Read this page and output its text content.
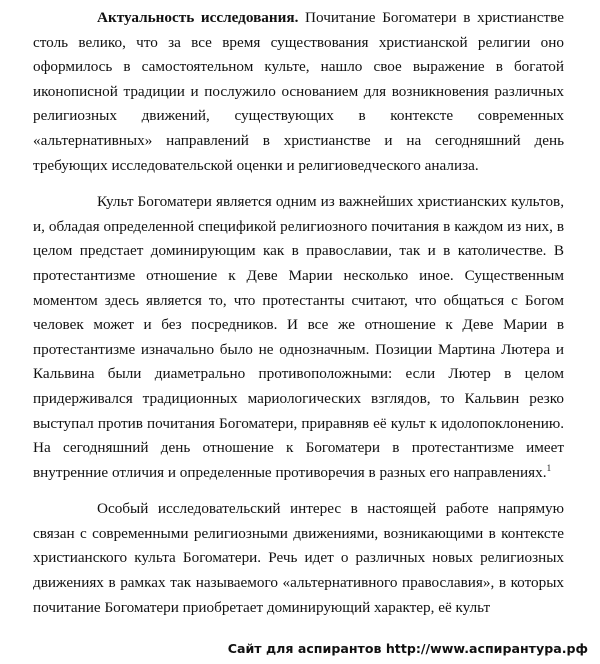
Актуальность исследования. Почитание Богоматери в христианстве столь велико, что за все время существования христианской религии оно оформилось в самостоятельном культе, нашло свое выражение в богатой иконописной традиции и послужило основанием для возникновения различных религиозных движений, существующих в контексте современных «альтернативных» направлений в христианстве и на сегодняшний день требующих исследовательской оценки и религиоведческого анализа.

Культ Богоматери является одним из важнейших христианских культов, и, обладая определенной спецификой религиозного почитания в каждом из них, в целом предстает доминирующим как в православии, так и в католичестве. В протестантизме отношение к Деве Марии несколько иное. Существенным моментом здесь является то, что протестанты считают, что общаться с Богом человек может и без посредников. И все же отношение к Деве Марии в протестантизме изначально было не однозначным. Позиции Мартина Лютера и Кальвина были диаметрально противоположными: если Лютер в целом придерживался традиционных мариологических взглядов, то Кальвин резко выступал против почитания Богоматери, приравняв её культ к идолопоклонению. На сегодняшний день отношение к Богоматери в протестантизме имеет внутренние отличия и определенные противоречия в разных его направлениях.$^1$

Особый исследовательский интерес в настоящей работе напрямую связан с современными религиозными движениями, возникающими в контексте христианского культа Богоматери. Речь идет о различных новых религиозных движениях в рамках так называемого «альтернативного православия», в которых почитание Богоматери приобретает доминирующий характер, её культ

Сайт для аспирантов http://www.аспирантура.рф
